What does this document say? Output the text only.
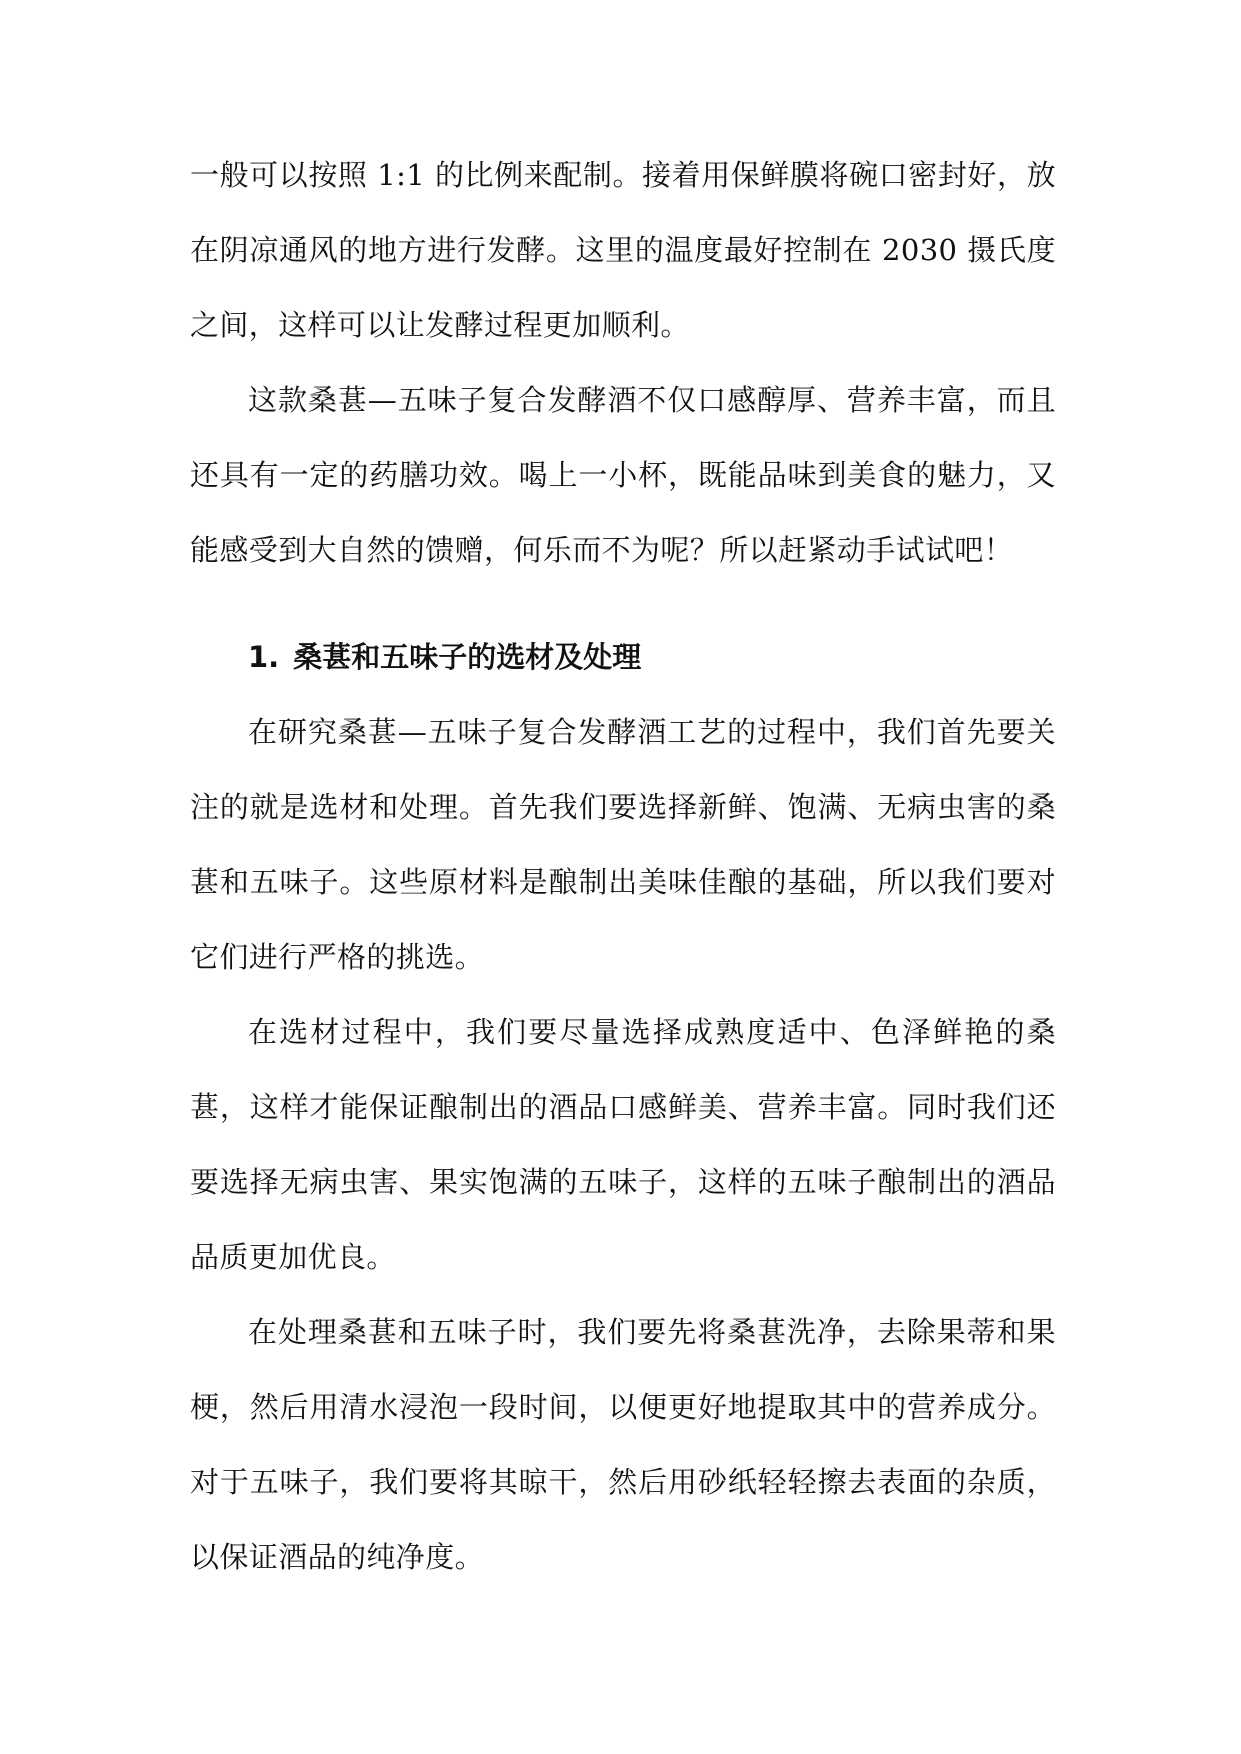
一般可以按照 1:1 的比例来配制。接着用保鲜膜将碗口密封好，放在阴凉通风的地方进行发酵。这里的温度最好控制在 2030 摄氏度之间，这样可以让发酵过程更加顺利。

这款桑葚—五味子复合发酵酒不仅口感醇厚、营养丰富，而且还具有一定的药膳功效。喝上一小杯，既能品味到美食的魅力，又能感受到大自然的馈赠，何乐而不为呢？所以赶紧动手试试吧！

1. 桑葚和五味子的选材及处理

在研究桑葚—五味子复合发酵酒工艺的过程中，我们首先要关注的就是选材和处理。首先我们要选择新鲜、饱满、无病虫害的桑葚和五味子。这些原材料是酿制出美味佳酿的基础，所以我们要对它们进行严格的挑选。

在选材过程中，我们要尽量选择成熟度适中、色泽鲜艳的桑葚，这样才能保证酿制出的酒品口感鲜美、营养丰富。同时我们还要选择无病虫害、果实饱满的五味子，这样的五味子酿制出的酒品品质更加优良。

在处理桑葚和五味子时，我们要先将桑葚洗净，去除果蒂和果梗，然后用清水浸泡一段时间，以便更好地提取其中的营养成分。对于五味子，我们要将其晾干，然后用砂纸轻轻擦去表面的杂质，以保证酒品的纯净度。
